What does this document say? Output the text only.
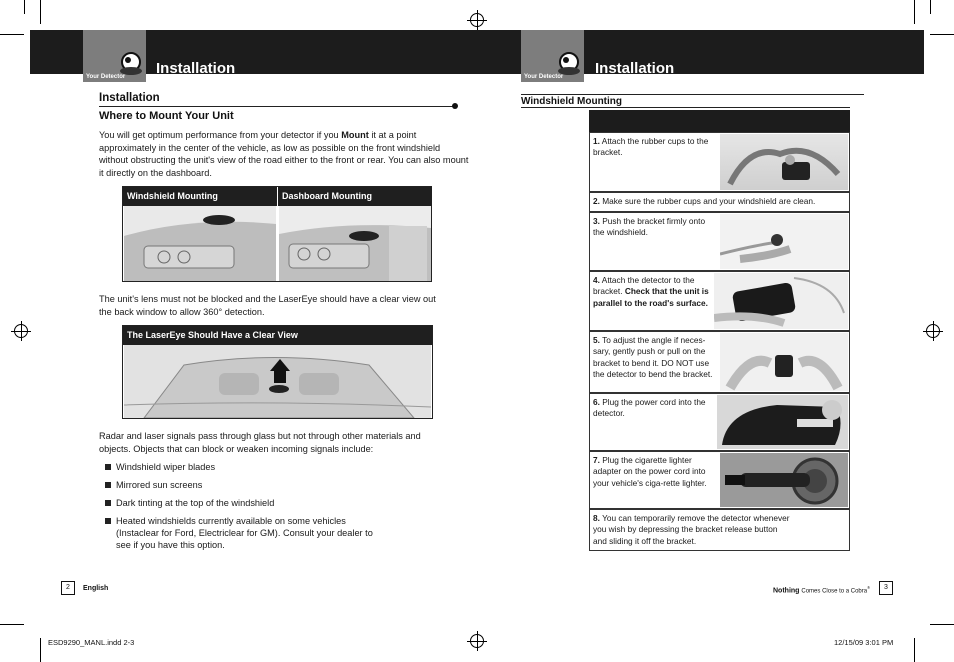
Your Detector Installation
Installation
Where to Mount Your Unit
You will get optimum performance from your detector if you Mount it at a point approximately in the center of the vehicle, as low as possible on the front windshield without obstructing the unit's view of the road either to the front or rear. You can also mount it directly on the dashboard.
Windshield Mounting	Dashboard Mounting
The unit's lens must not be blocked and the LaserEye should have a clear view out the back window to allow 360° detection.
The LaserEye Should Have a Clear View
Radar and laser signals pass through glass but not through other materials and objects. Objects that can block or weaken incoming signals include:
Windshield wiper blades
Mirrored sun screens
Dark tinting at the top of the windshield
Heated windshields currently available on some vehicles (Instaclear for Ford, Electriclear for GM). Consult your dealer to see if you have this option.
2	English
Your Detector Installation
Windshield Mounting
1. Attach the rubber cups to the bracket.
2. Make sure the rubber cups and your windshield are clean.
3. Push the bracket firmly onto the windshield.
4. Attach the detector to the bracket. Check that the unit is parallel to the road's surface.
5. To adjust the angle if neces-sary, gently push or pull on the bracket to bend it. DO NOT use the detector to bend the bracket.
6. Plug the power cord into the detector.
7. Plug the cigarette lighter adapter on the power cord into your vehicle's ciga-rette lighter.
8. You can temporarily remove the detector whenever you wish by depressing the bracket release button and sliding it off the bracket.
Nothing Comes Close to a Cobra®	3
ESD9290_MANL.indd 2-3	12/15/09 3:01 PM
